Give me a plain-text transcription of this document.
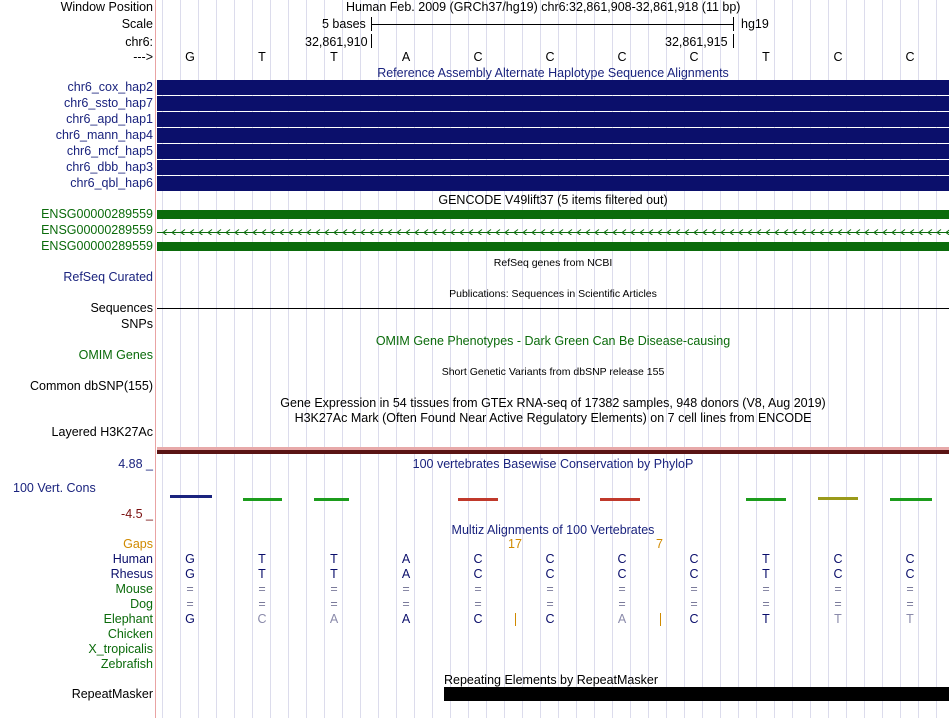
Window Position
Scale
chr6:
--->
Human Feb. 2009 (GRCh37/hg19) chr6:32,861,908-32,861,918 (11 bp)
5 bases	hg19
32,861,910	32,861,915
G	T	T	A	C	C	C	C	T	C	C
Reference Assembly Alternate Haplotype Sequence Alignments
chr6_cox_hap2
chr6_ssto_hap7
chr6_apd_hap1
chr6_mann_hap4
chr6_mcf_hap5
chr6_dbb_hap3
chr6_qbl_hap6
GENCODE V49lift37 (5 items filtered out)
ENSG00000289559
ENSG00000289559
ENSG00000289559
RefSeq genes from NCBI
RefSeq Curated
Publications: Sequences in Scientific Articles
Sequences
SNPs
OMIM Gene Phenotypes - Dark Green Can Be Disease-causing
OMIM Genes
Short Genetic Variants from dbSNP release 155
Common dbSNP(155)
Gene Expression in 54 tissues from GTEx RNA-seq of 17382 samples, 948 donors (V8, Aug 2019)
H3K27Ac Mark (Often Found Near Active Regulatory Elements) on 7 cell lines from ENCODE
Layered H3K27Ac
4.88 _	100 vertebrates Basewise Conservation by PhyloP
100 Vert. Cons
-4.5 _
Multiz Alignments of 100 Vertebrates
Gaps	17	7
Human	G	T	T	A	C	C	C	C	T	C	C
Rhesus	G	T	T	A	C	C	C	C	T	C	C
Mouse	=	=	=	=	=	=	=	=	=	=	=
Dog	=	=	=	=	=	=	=	=	=	=	=
Elephant	G	C	A	A	C	C	A	C	T	T	T
Chicken
X_tropicalis
Zebrafish
Repeating Elements by RepeatMasker
RepeatMasker
